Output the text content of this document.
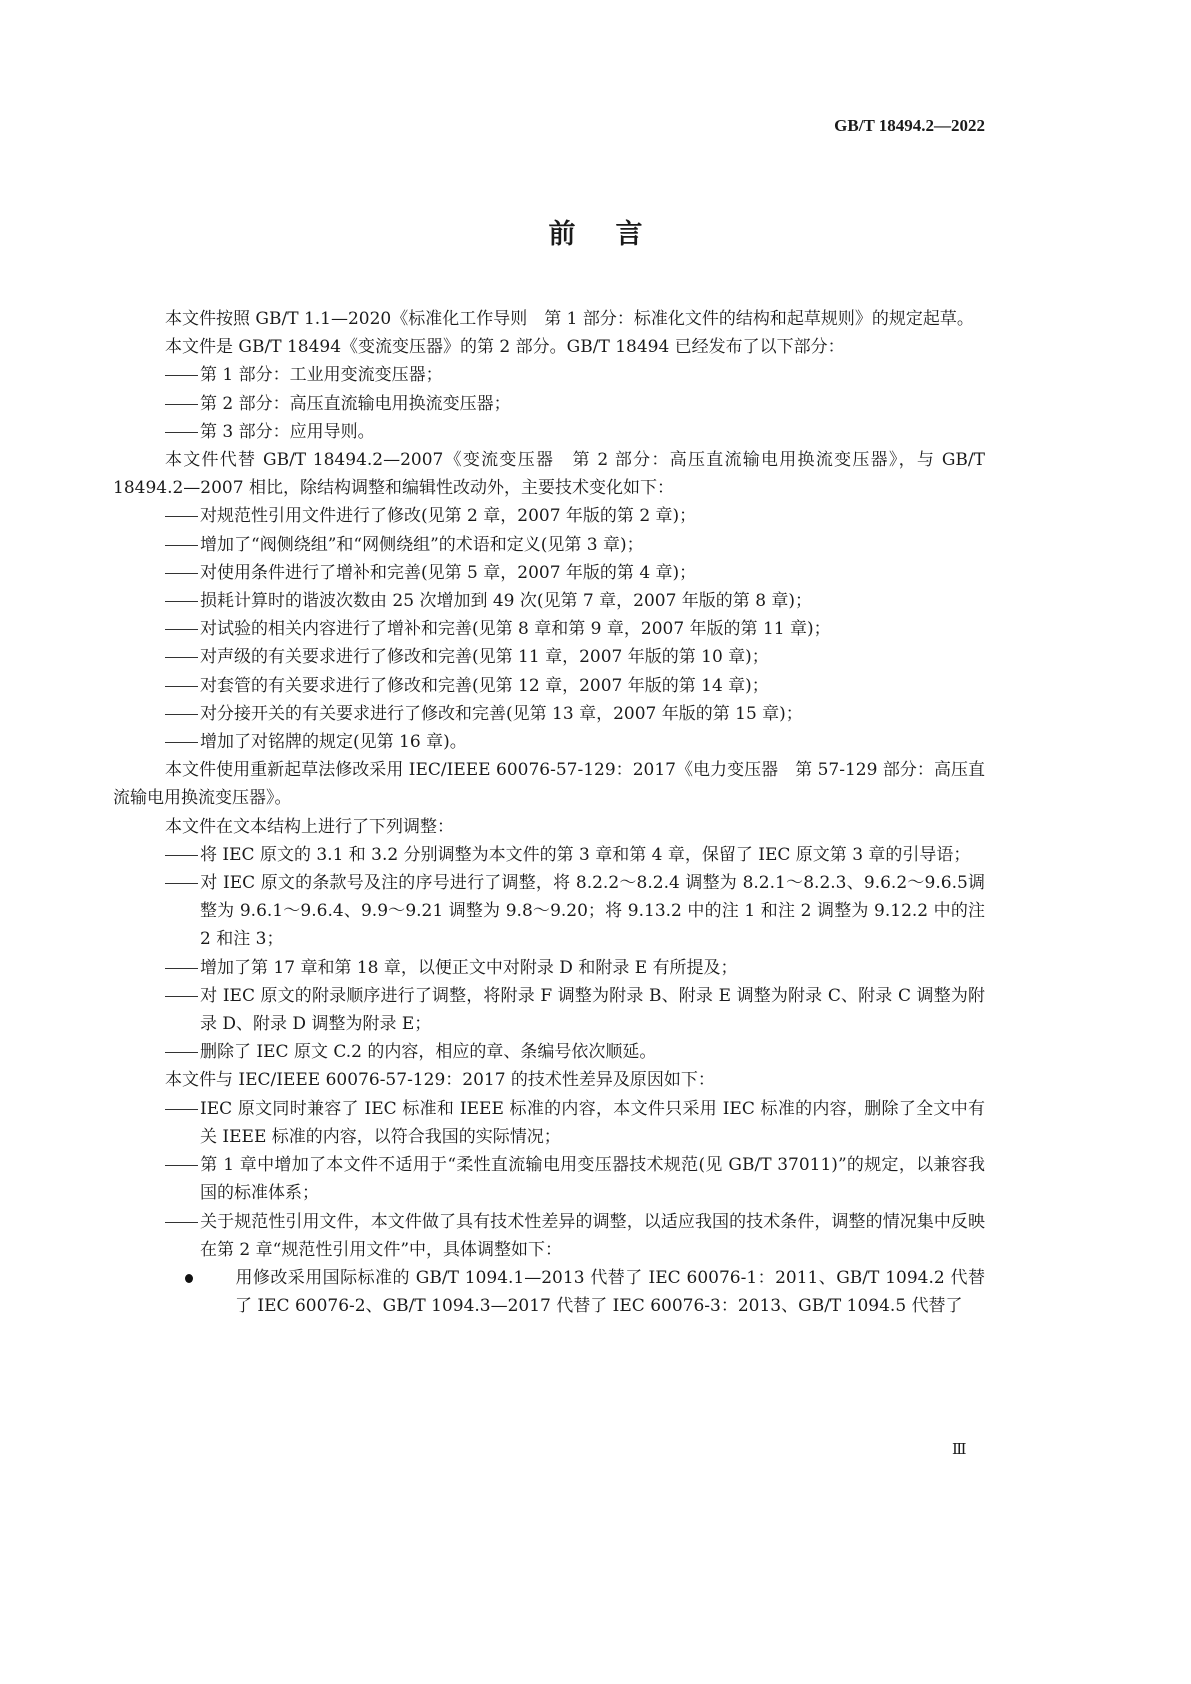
GB/T 18494.2—2022
前言

本文件按照 GB/T 1.1—2020《标准化工作导则　第 1 部分：标准化文件的结构和起草规则》的规定起草。

本文件是 GB/T 18494《变流变压器》的第 2 部分。GB/T 18494 已经发布了以下部分：

第 1 部分：工业用变流变压器；

第 2 部分：高压直流输电用换流变压器；

第 3 部分：应用导则。

本文件代替 GB/T 18494.2—2007《变流变压器　第 2 部分：高压直流输电用换流变压器》，与 GB/T 18494.2—2007 相比，除结构调整和编辑性改动外，主要技术变化如下：

对规范性引用文件进行了修改(见第 2 章，2007 年版的第 2 章)；

增加了“阀侧绕组”和“网侧绕组”的术语和定义(见第 3 章)；

对使用条件进行了增补和完善(见第 5 章，2007 年版的第 4 章)；

损耗计算时的谐波次数由 25 次增加到 49 次(见第 7 章，2007 年版的第 8 章)；

对试验的相关内容进行了增补和完善(见第 8 章和第 9 章，2007 年版的第 11 章)；

对声级的有关要求进行了修改和完善(见第 11 章，2007 年版的第 10 章)；

对套管的有关要求进行了修改和完善(见第 12 章，2007 年版的第 14 章)；

对分接开关的有关要求进行了修改和完善(见第 13 章，2007 年版的第 15 章)；

增加了对铭牌的规定(见第 16 章)。

本文件使用重新起草法修改采用 IEC/IEEE 60076-57-129：2017《电力变压器　第 57-129 部分：高压直流输电用换流变压器》。

本文件在文本结构上进行了下列调整：

将 IEC 原文的 3.1 和 3.2 分别调整为本文件的第 3 章和第 4 章，保留了 IEC 原文第 3 章的引导语；

对 IEC 原文的条款号及注的序号进行了调整，将 8.2.2～8.2.4 调整为 8.2.1～8.2.3、9.6.2～9.6.5调整为 9.6.1～9.6.4、9.9～9.21 调整为 9.8～9.20；将 9.13.2 中的注 1 和注 2 调整为 9.12.2 中的注 2 和注 3；

增加了第 17 章和第 18 章，以便正文中对附录 D 和附录 E 有所提及；

对 IEC 原文的附录顺序进行了调整，将附录 F 调整为附录 B、附录 E 调整为附录 C、附录 C 调整为附录 D、附录 D 调整为附录 E；

删除了 IEC 原文 C.2 的内容，相应的章、条编号依次顺延。

本文件与 IEC/IEEE 60076-57-129：2017 的技术性差异及原因如下：

IEC 原文同时兼容了 IEC 标准和 IEEE 标准的内容，本文件只采用 IEC 标准的内容，删除了全文中有关 IEEE 标准的内容，以符合我国的实际情况；

第 1 章中增加了本文件不适用于“柔性直流输电用变压器技术规范(见 GB/T 37011)”的规定，以兼容我国的标准体系；

关于规范性引用文件，本文件做了具有技术性差异的调整，以适应我国的技术条件，调整的情况集中反映在第 2 章“规范性引用文件”中，具体调整如下：

用修改采用国际标准的 GB/T 1094.1—2013 代替了 IEC 60076-1：2011、GB/T 1094.2 代替了 IEC 60076-2、GB/T 1094.3—2017 代替了 IEC 60076-3：2013、GB/T 1094.5 代替了

Ⅲ
